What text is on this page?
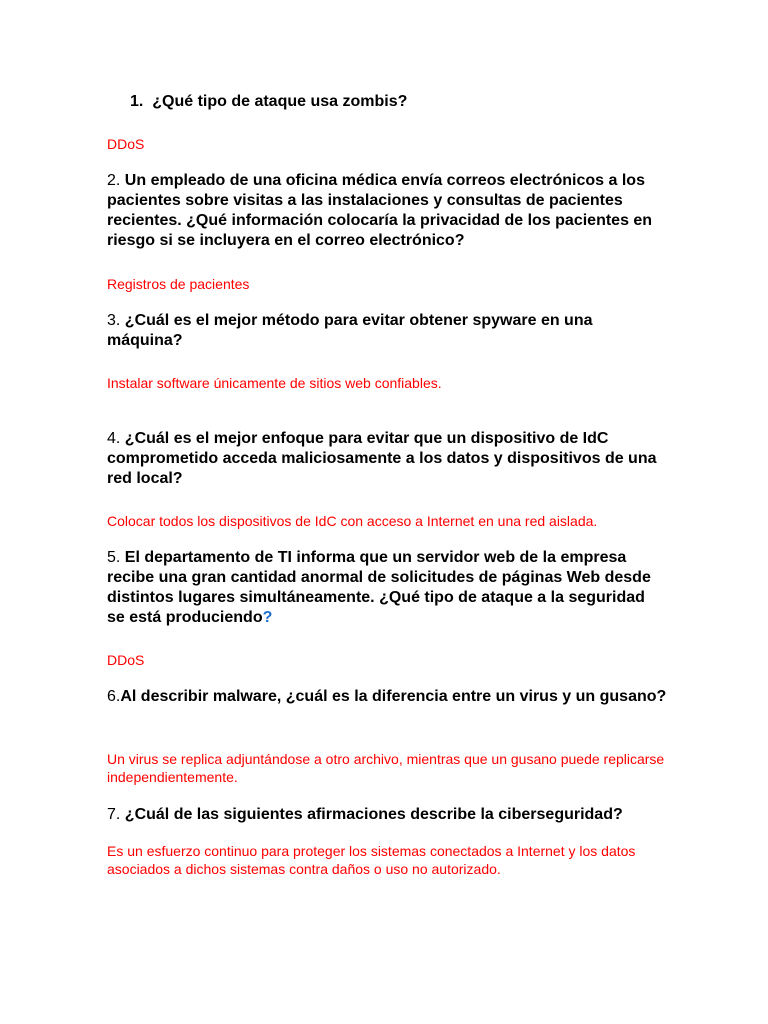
1. ¿Qué tipo de ataque usa zombis?
DDoS
2. Un empleado de una oficina médica envía correos electrónicos a los pacientes sobre visitas a las instalaciones y consultas de pacientes recientes. ¿Qué información colocaría la privacidad de los pacientes en riesgo si se incluyera en el correo electrónico?
Registros de pacientes
3. ¿Cuál es el mejor método para evitar obtener spyware en una máquina?
Instalar software únicamente de sitios web confiables.
4. ¿Cuál es el mejor enfoque para evitar que un dispositivo de IdC comprometido acceda maliciosamente a los datos y dispositivos de una red local?
Colocar todos los dispositivos de IdC con acceso a Internet en una red aislada.
5. El departamento de TI informa que un servidor web de la empresa recibe una gran cantidad anormal de solicitudes de páginas Web desde distintos lugares simultáneamente. ¿Qué tipo de ataque a la seguridad se está produciendo?
DDoS
6.Al describir malware, ¿cuál es la diferencia entre un virus y un gusano?
Un virus se replica adjuntándose a otro archivo, mientras que un gusano puede replicarse independientemente.
7. ¿Cuál de las siguientes afirmaciones describe la ciberseguridad?
Es un esfuerzo continuo para proteger los sistemas conectados a Internet y los datos asociados a dichos sistemas contra daños o uso no autorizado.
